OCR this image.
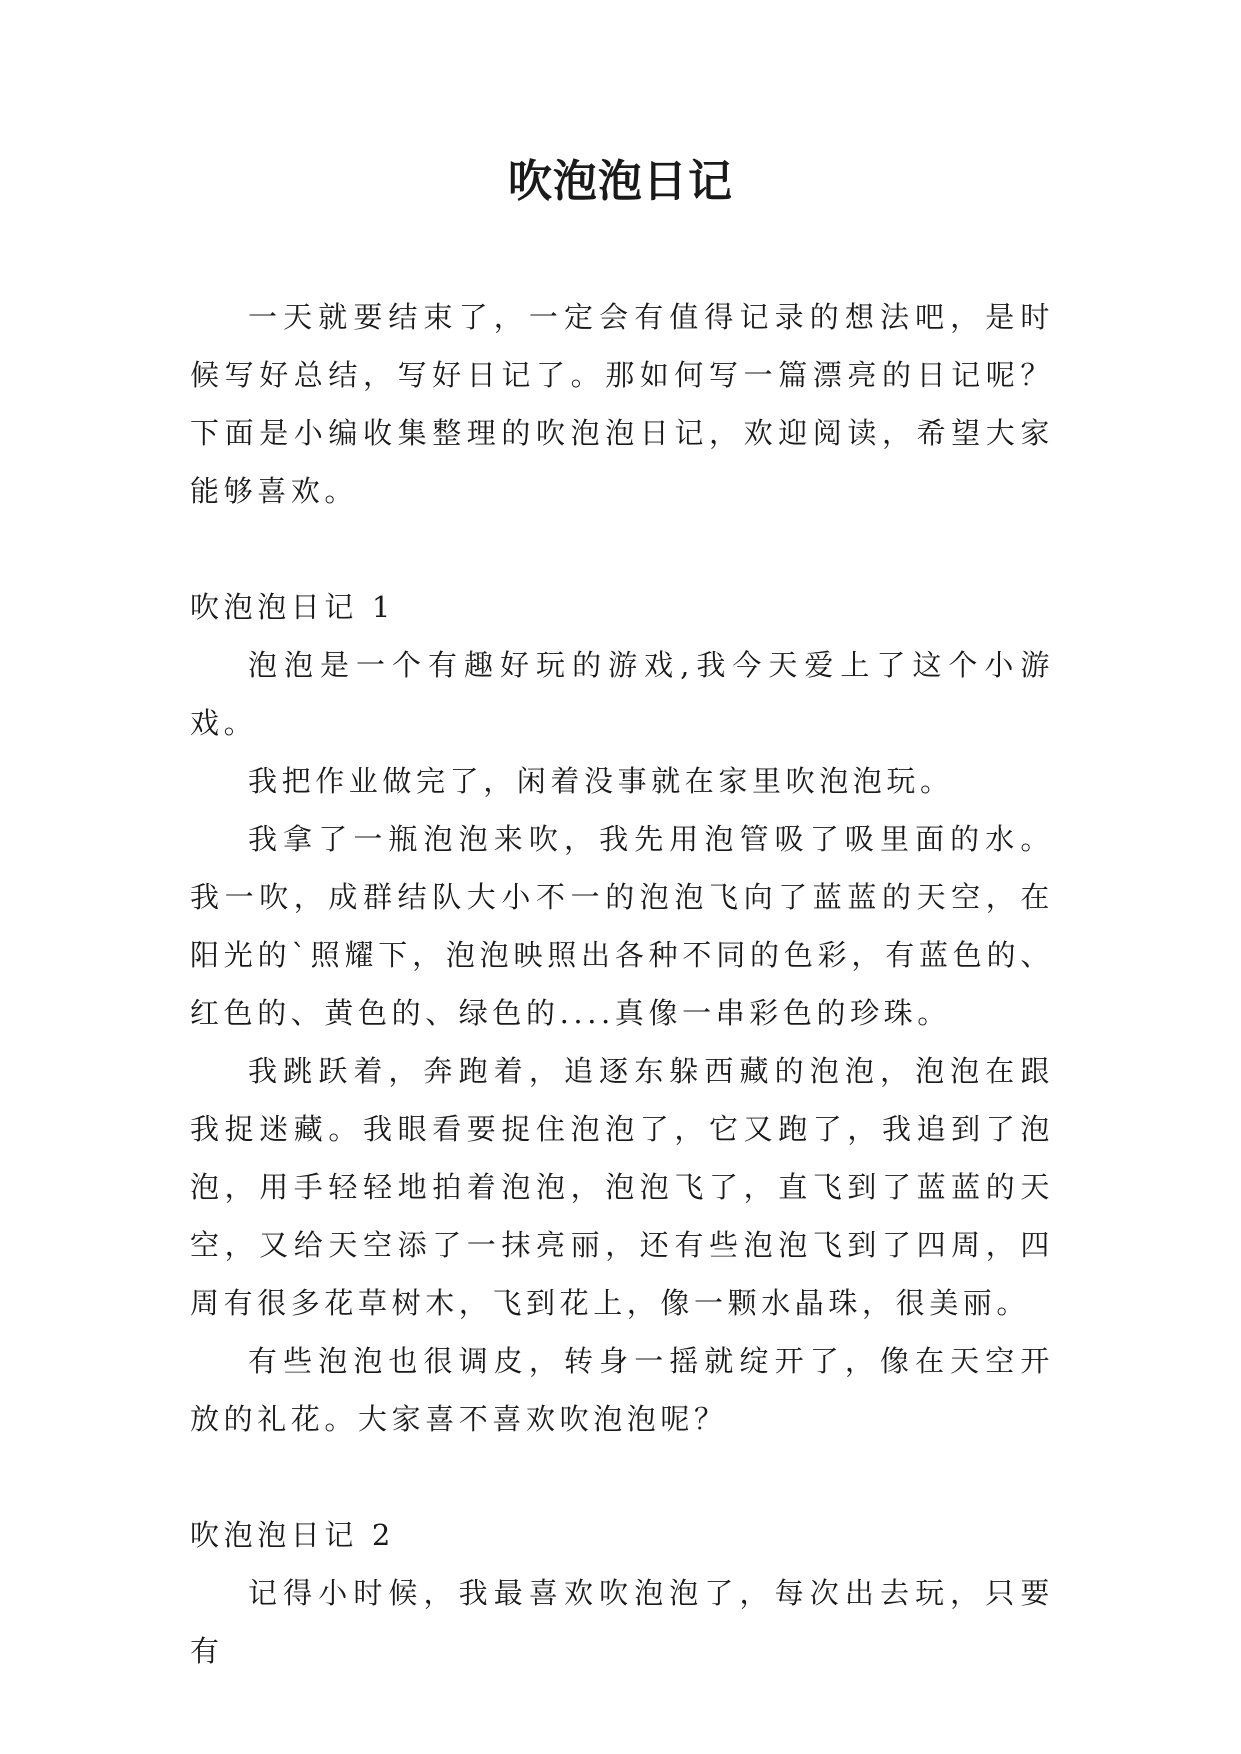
吹泡泡日记

一天就要结束了，一定会有值得记录的想法吧，是时候写好总结，写好日记了。那如何写一篇漂亮的日记呢？下面是小编收集整理的吹泡泡日记，欢迎阅读，希望大家能够喜欢。

吹泡泡日记 1

泡泡是一个有趣好玩的游戏,我今天爱上了这个小游戏。

我把作业做完了，闲着没事就在家里吹泡泡玩。

我拿了一瓶泡泡来吹，我先用泡管吸了吸里面的水。我一吹，成群结队大小不一的泡泡飞向了蓝蓝的天空，在阳光的`照耀下，泡泡映照出各种不同的色彩，有蓝色的、红色的、黄色的、绿色的....真像一串彩色的珍珠。

我跳跃着，奔跑着，追逐东躲西藏的泡泡，泡泡在跟我捉迷藏。我眼看要捉住泡泡了，它又跑了，我追到了泡泡，用手轻轻地拍着泡泡，泡泡飞了，直飞到了蓝蓝的天空，又给天空添了一抹亮丽，还有些泡泡飞到了四周，四周有很多花草树木，飞到花上，像一颗水晶珠，很美丽。

有些泡泡也很调皮，转身一摇就绽开了，像在天空开放的礼花。大家喜不喜欢吹泡泡呢？

吹泡泡日记 2

记得小时候，我最喜欢吹泡泡了，每次出去玩，只要有
